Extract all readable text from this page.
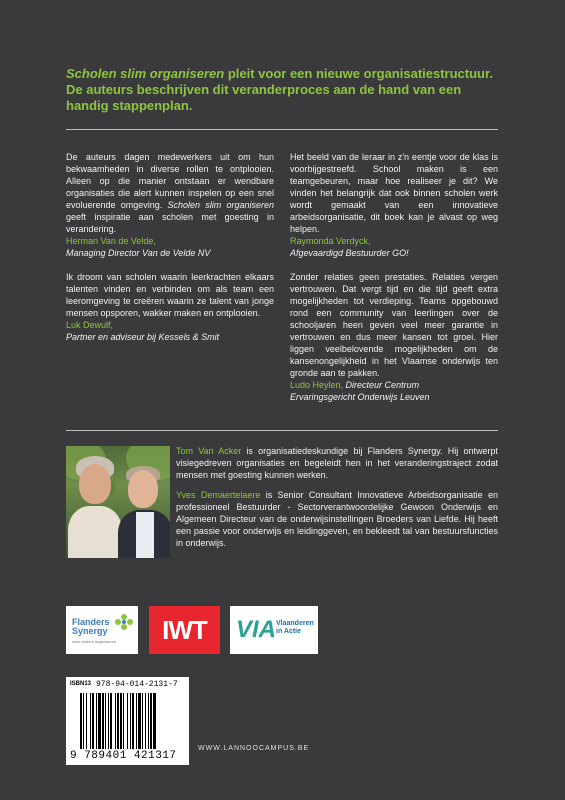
Scholen slim organiseren pleit voor een nieuwe organisatiestructuur. De auteurs beschrijven dit veranderproces aan de hand van een handig stappenplan.

De auteurs dagen medewerkers uit om hun bekwaamheden in diverse rollen te ontplooien. Alleen op die manier ontstaan er wendbare organisaties die alert kunnen inspelen op een snel evoluerende omgeving. Scholen slim organiseren geeft inspiratie aan scholen met goesting in verandering.

Herman Van de Velde,

Managing Director Van de Velde NV

Ik droom van scholen waarin leerkrachten elkaars talenten vinden en verbinden om als team een leeromgeving te creëren waarin ze talent van jonge mensen opsporen, wakker maken en ontplooien.

Luk Dewulf,

Partner en adviseur bij Kessels & Smit

Het beeld van de leraar in z'n eentje voor de klas is voorbijgestreefd. School maken is een teamgebeuren, maar hoe realiseer je dit? We vinden het belangrijk dat ook binnen scholen werk wordt gemaakt van een innovatieve arbeidsorganisatie, dit boek kan je alvast op weg helpen.

Raymonda Verdyck,

Afgevaardigd Bestuurder GO!

Zonder relaties geen prestaties. Relaties vergen vertrouwen. Dat vergt tijd en die tijd geeft extra mogelijkheden tot verdieping. Teams opgebouwd rond een community van leerlingen over de schooljaren heen geven veel meer garantie in vertrouwen en dus meer kansen tot groei. Hier liggen veelbelovende mogelijkheden om de kansenongelijkheid in het Vlaamse onderwijs ten gronde aan te pakken.

Ludo Heylen, Directeur Centrum

Ervaringsgericht Onderwijs Leuven

Tom Van Acker is organisatiedeskundige bij Flanders Synergy. Hij ontwerpt visiegedreven organisaties en begeleidt hen in het veranderingstraject zodat mensen met goesting kunnen werken.

Yves Demaertelaere is Senior Consultant Innovatieve Arbeidsorganisatie en professioneel Bestuurder - Sectorverantwoordelijke Gewoon Onderwijs en Algemeen Directeur van de onderwijsinstellingen Broeders van Liefde. Hij heeft een passie voor onderwijs en leidinggeven, en bekleedt tal van bestuursfuncties in onderwijs.

Flanders
Synergy
werk anders organiseren	IWT	VIA Vlaanderen
in Actie
ISBN13 978-94-014-2131-7
9 789401 421317
WWW.LANNOOCAMPUS.BE
